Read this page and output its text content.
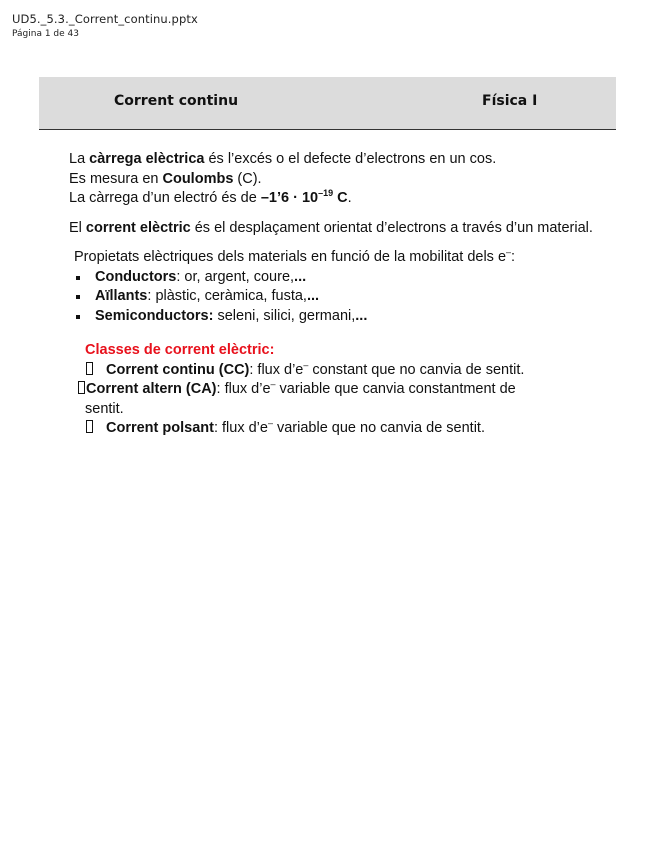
UD5._5.3._Corrent_continu.pptx
Página 1 de 43
Corrent continu	Física I

La càrrega elèctrica és l’excés o el defecte d’electrons en un cos.

Es mesura en Coulombs (C).

La càrrega d’un electró és de –1’6 · $10^{-19}$ C.

El corrent elèctric és el desplaçament orientat d’electrons a través d’un material.

Propietats elèctriques dels materials en funció de la mobilitat dels e–:

Conductors: or, argent, coure,...
Aïllants: plàstic, ceràmica, fusta,...
Semiconductors: seleni, silici, germani,...

Classes de corrent elèctric:

Corrent continu (CC): flux d’e– constant que no canvia de sentit.

Corrent altern (CA): flux d’e– variable que canvia constantment de

sentit.

Corrent polsant: flux d’e– variable que no canvia de sentit.
